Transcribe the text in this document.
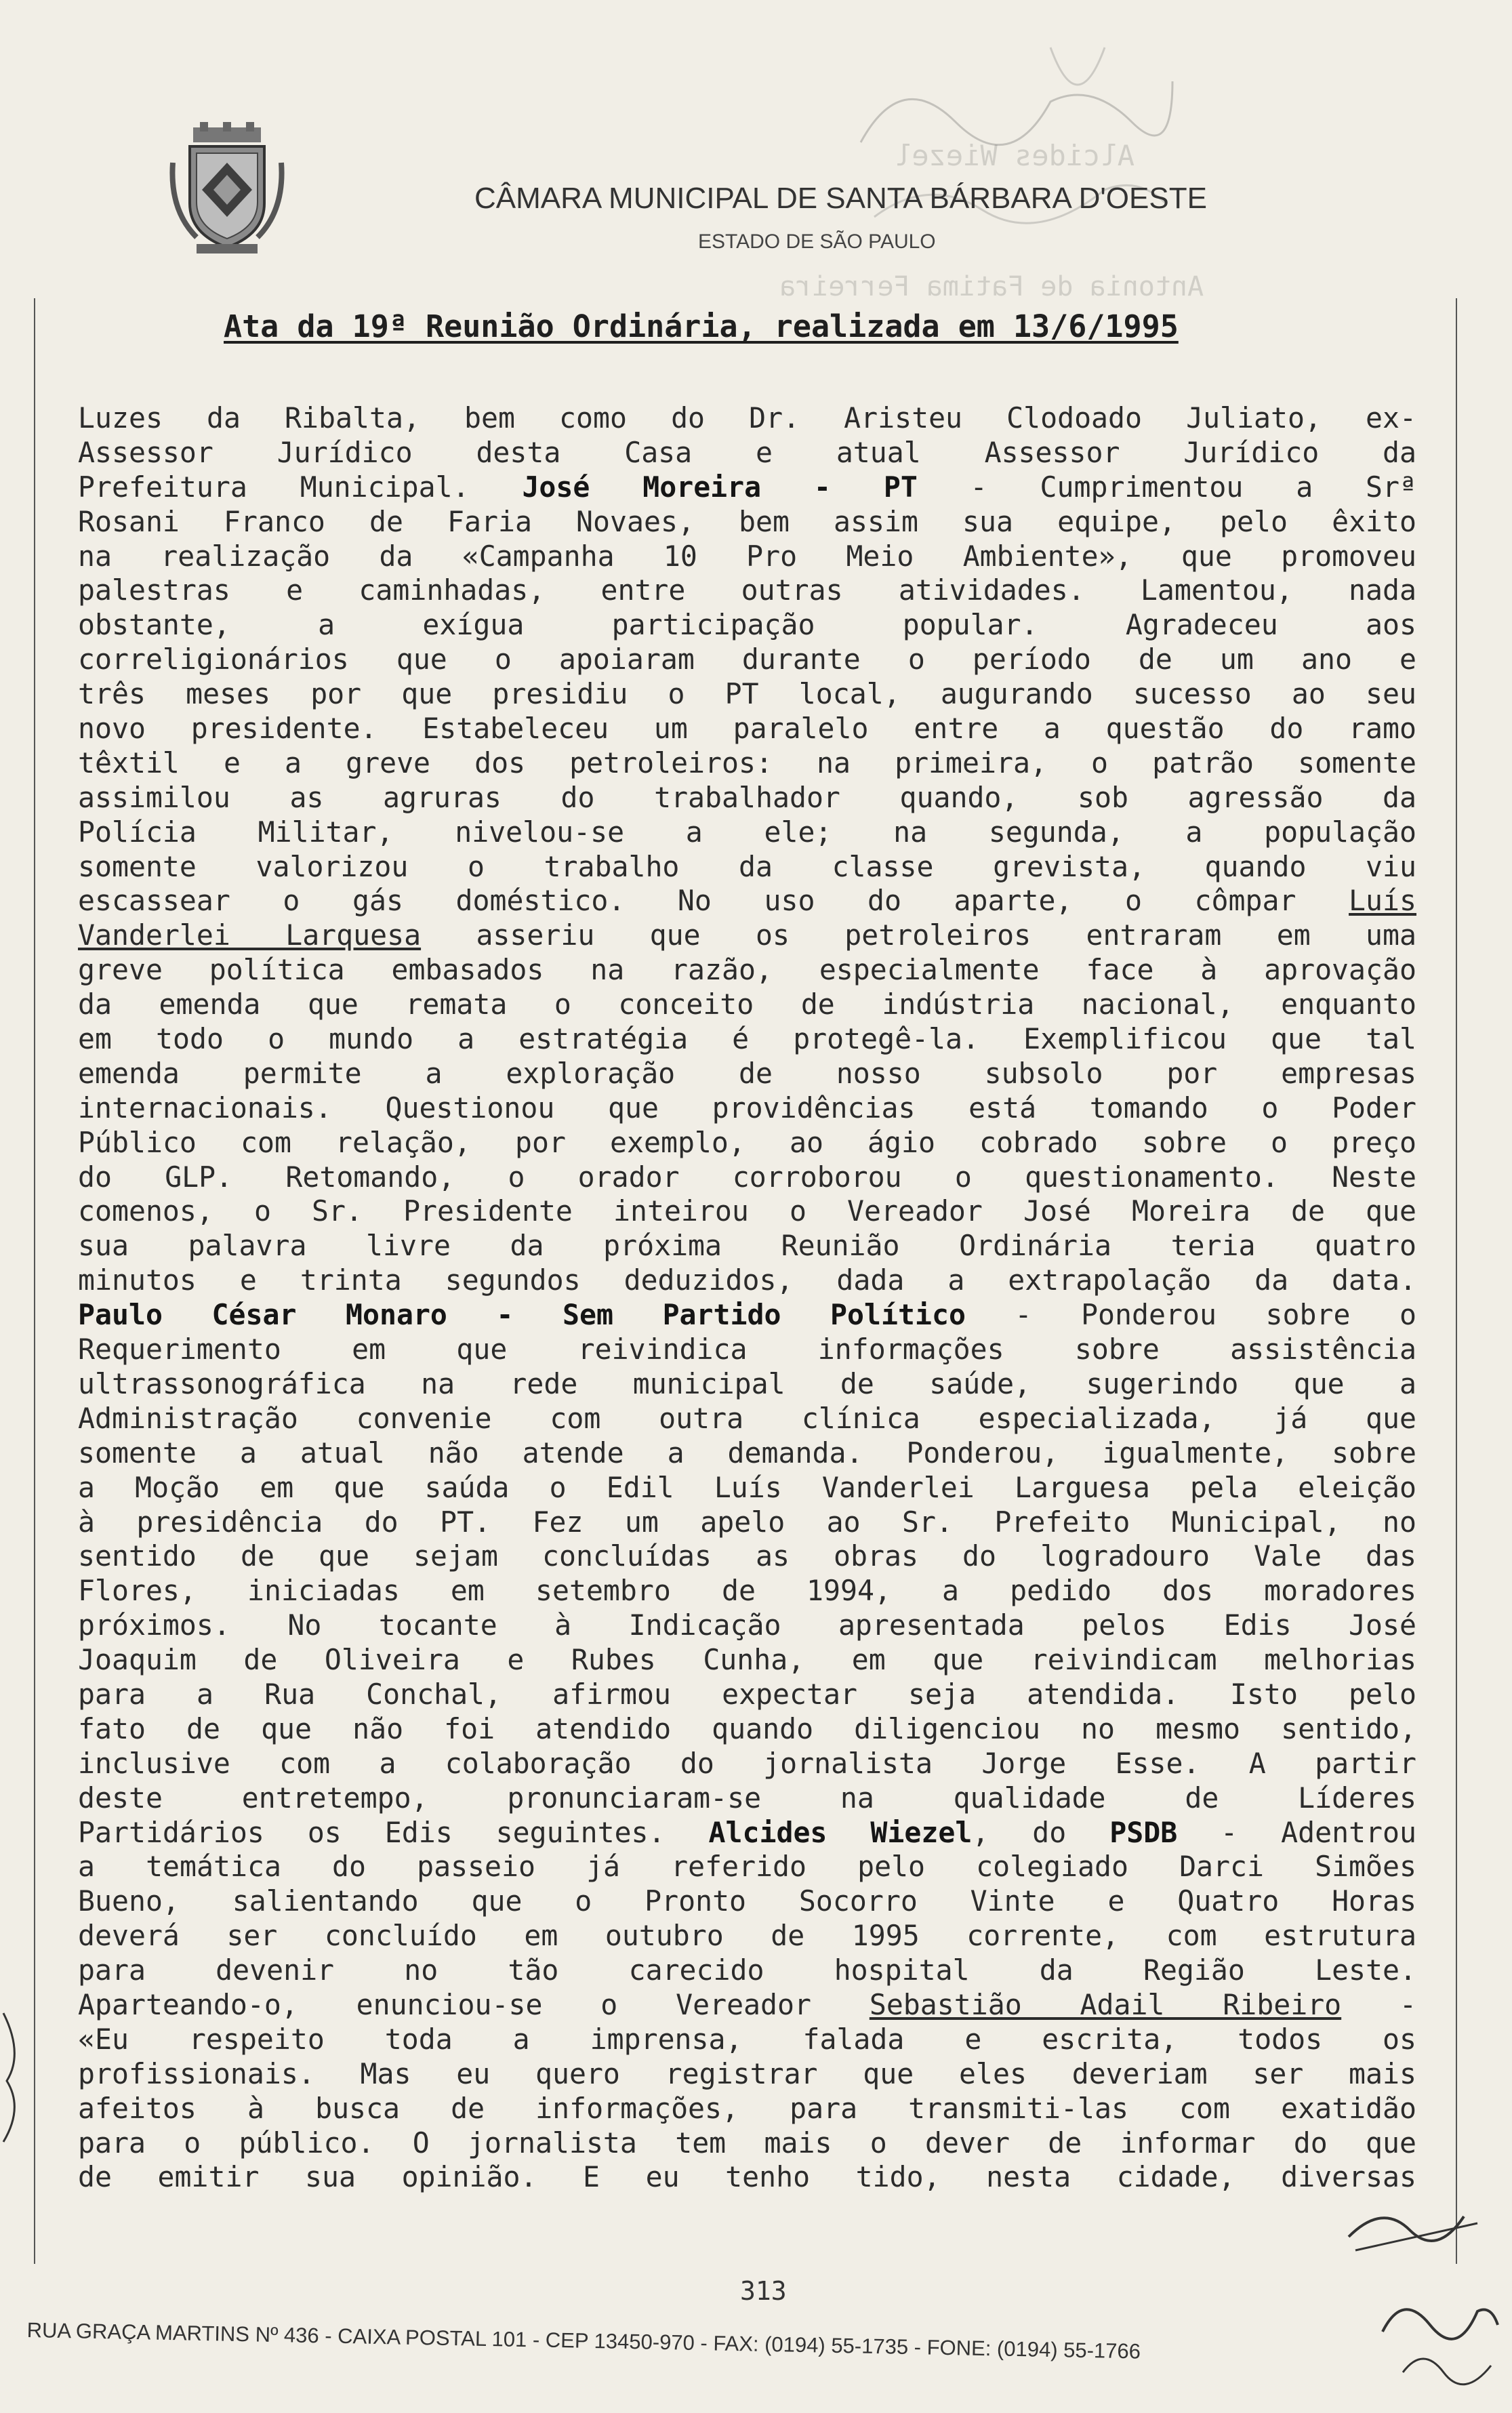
CÂMARA MUNICIPAL DE SANTA BÁRBARA D'OESTE
ESTADO DE SÃO PAULO
Alcides Wiezel
Antonia de Fatima Ferreira
Ata da 19ª Reunião Ordinária, realizada em 13/6/1995
Luzes da Ribalta, bem como do Dr. Aristeu Clodoado Juliato, ex-
Assessor Jurídico desta Casa e atual Assessor Jurídico da
Prefeitura Municipal. José Moreira - PT - Cumprimentou a Srª
Rosani Franco de Faria Novaes, bem assim sua equipe, pelo êxito
na realização da «Campanha 10 Pro Meio Ambiente», que promoveu
palestras e caminhadas, entre outras atividades. Lamentou, nada
obstante, a exígua participação popular. Agradeceu aos
correligionários que o apoiaram durante o período de um ano e
três meses por que presidiu o PT local, augurando sucesso ao seu
novo presidente. Estabeleceu um paralelo entre a questão do ramo
têxtil e a greve dos petroleiros: na primeira, o patrão somente
assimilou as agruras do trabalhador quando, sob agressão da
Polícia Militar, nivelou-se a ele; na segunda, a população
somente valorizou o trabalho da classe grevista, quando viu
escassear o gás doméstico. No uso do aparte, o cômpar Luís
Vanderlei Larquesa asseriu que os petroleiros entraram em uma
greve política embasados na razão, especialmente face à aprovação
da emenda que remata o conceito de indústria nacional, enquanto
em todo o mundo a estratégia é protegê-la. Exemplificou que tal
emenda permite a exploração de nosso subsolo por empresas
internacionais. Questionou que providências está tomando o Poder
Público com relação, por exemplo, ao ágio cobrado sobre o preço
do GLP. Retomando, o orador corroborou o questionamento. Neste
comenos, o Sr. Presidente inteirou o Vereador José Moreira de que
sua palavra livre da próxima Reunião Ordinária teria quatro
minutos e trinta segundos deduzidos, dada a extrapolação da data.
Paulo César Monaro - Sem Partido Político - Ponderou sobre o
Requerimento em que reivindica informações sobre assistência
ultrassonográfica na rede municipal de saúde, sugerindo que a
Administração convenie com outra clínica especializada, já que
somente a atual não atende a demanda. Ponderou, igualmente, sobre
a Moção em que saúda o Edil Luís Vanderlei Larguesa pela eleição
à presidência do PT. Fez um apelo ao Sr. Prefeito Municipal, no
sentido de que sejam concluídas as obras do logradouro Vale das
Flores, iniciadas em setembro de 1994, a pedido dos moradores
próximos. No tocante à Indicação apresentada pelos Edis José
Joaquim de Oliveira e Rubes Cunha, em que reivindicam melhorias
para a Rua Conchal, afirmou expectar seja atendida. Isto pelo
fato de que não foi atendido quando diligenciou no mesmo sentido,
inclusive com a colaboração do jornalista Jorge Esse. A partir
deste entretempo, pronunciaram-se na qualidade de Líderes
Partidários os Edis seguintes. Alcides Wiezel, do PSDB - Adentrou
a temática do passeio já referido pelo colegiado Darci Simões
Bueno, salientando que o Pronto Socorro Vinte e Quatro Horas
deverá ser concluído em outubro de 1995 corrente, com estrutura
para devenir no tão carecido hospital da Região Leste.
Aparteando-o, enunciou-se o Vereador Sebastião Adail Ribeiro -
«Eu respeito toda a imprensa, falada e escrita, todos os
profissionais. Mas eu quero registrar que eles deveriam ser mais
afeitos à busca de informações, para transmiti-las com exatidão
para o público. O jornalista tem mais o dever de informar do que
de emitir sua opinião. E eu tenho tido, nesta cidade, diversas
313
RUA GRAÇA MARTINS Nº 436 - CAIXA POSTAL 101 - CEP 13450-970 - FAX: (0194) 55-1735 - FONE: (0194) 55-1766
